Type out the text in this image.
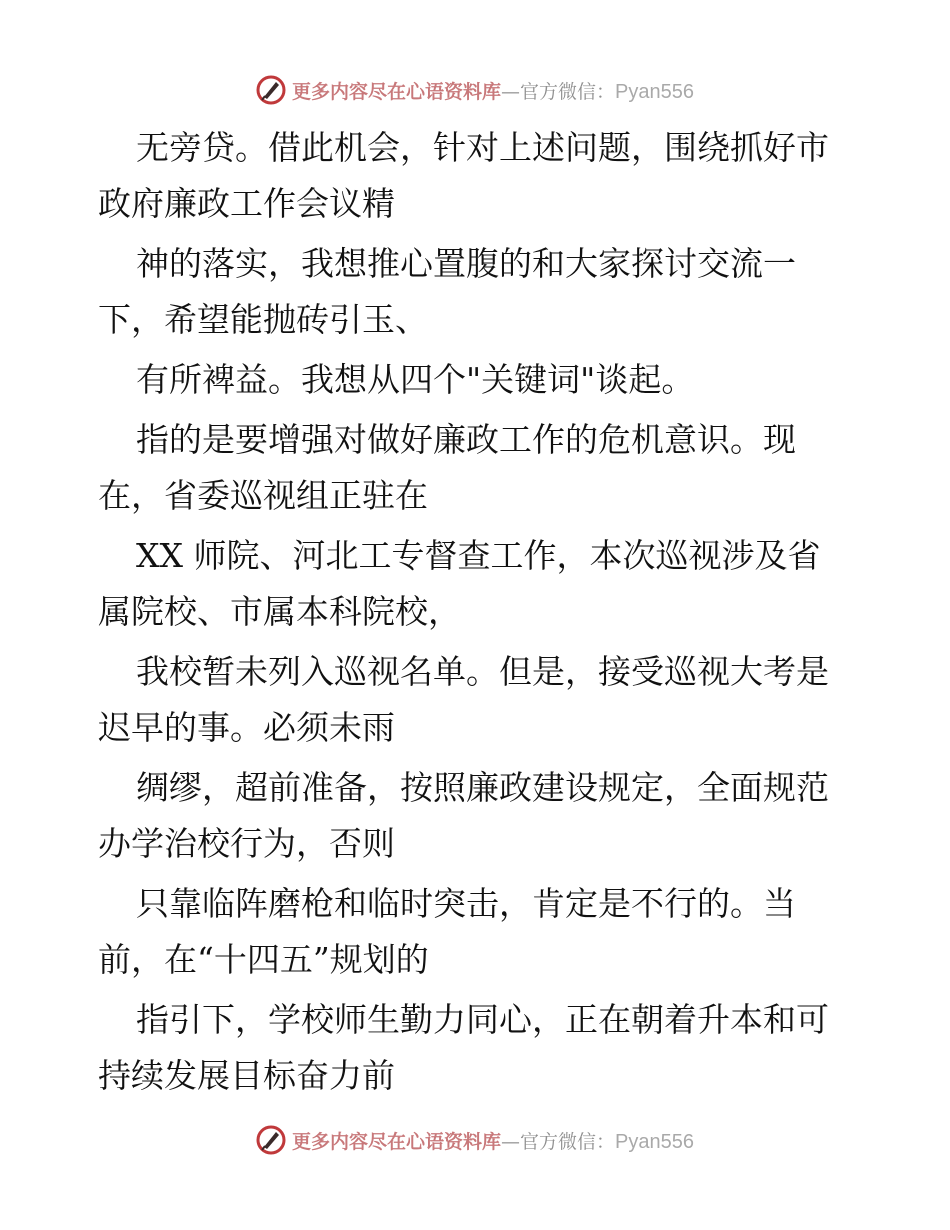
更多内容尽在心语资料库—官方微信：Pyan556
无旁贷。借此机会，针对上述问题，围绕抓好市
政府廉政工作会议精
神的落实，我想推心置腹的和大家探讨交流一
下，希望能抛砖引玉、
有所裨益。我想从四个"关键词"谈起。
指的是要增强对做好廉政工作的危机意识。现
在，省委巡视组正驻在
XX 师院、河北工专督查工作，本次巡视涉及省
属院校、市属本科院校，
我校暂未列入巡视名单。但是，接受巡视大考是
迟早的事。必须未雨
绸缪，超前准备，按照廉政建设规定，全面规范
办学治校行为，否则
只靠临阵磨枪和临时突击，肯定是不行的。当
前，在“十四五”规划的
指引下，学校师生勤力同心，正在朝着升本和可
持续发展目标奋力前
更多内容尽在心语资料库—官方微信：Pyan556
